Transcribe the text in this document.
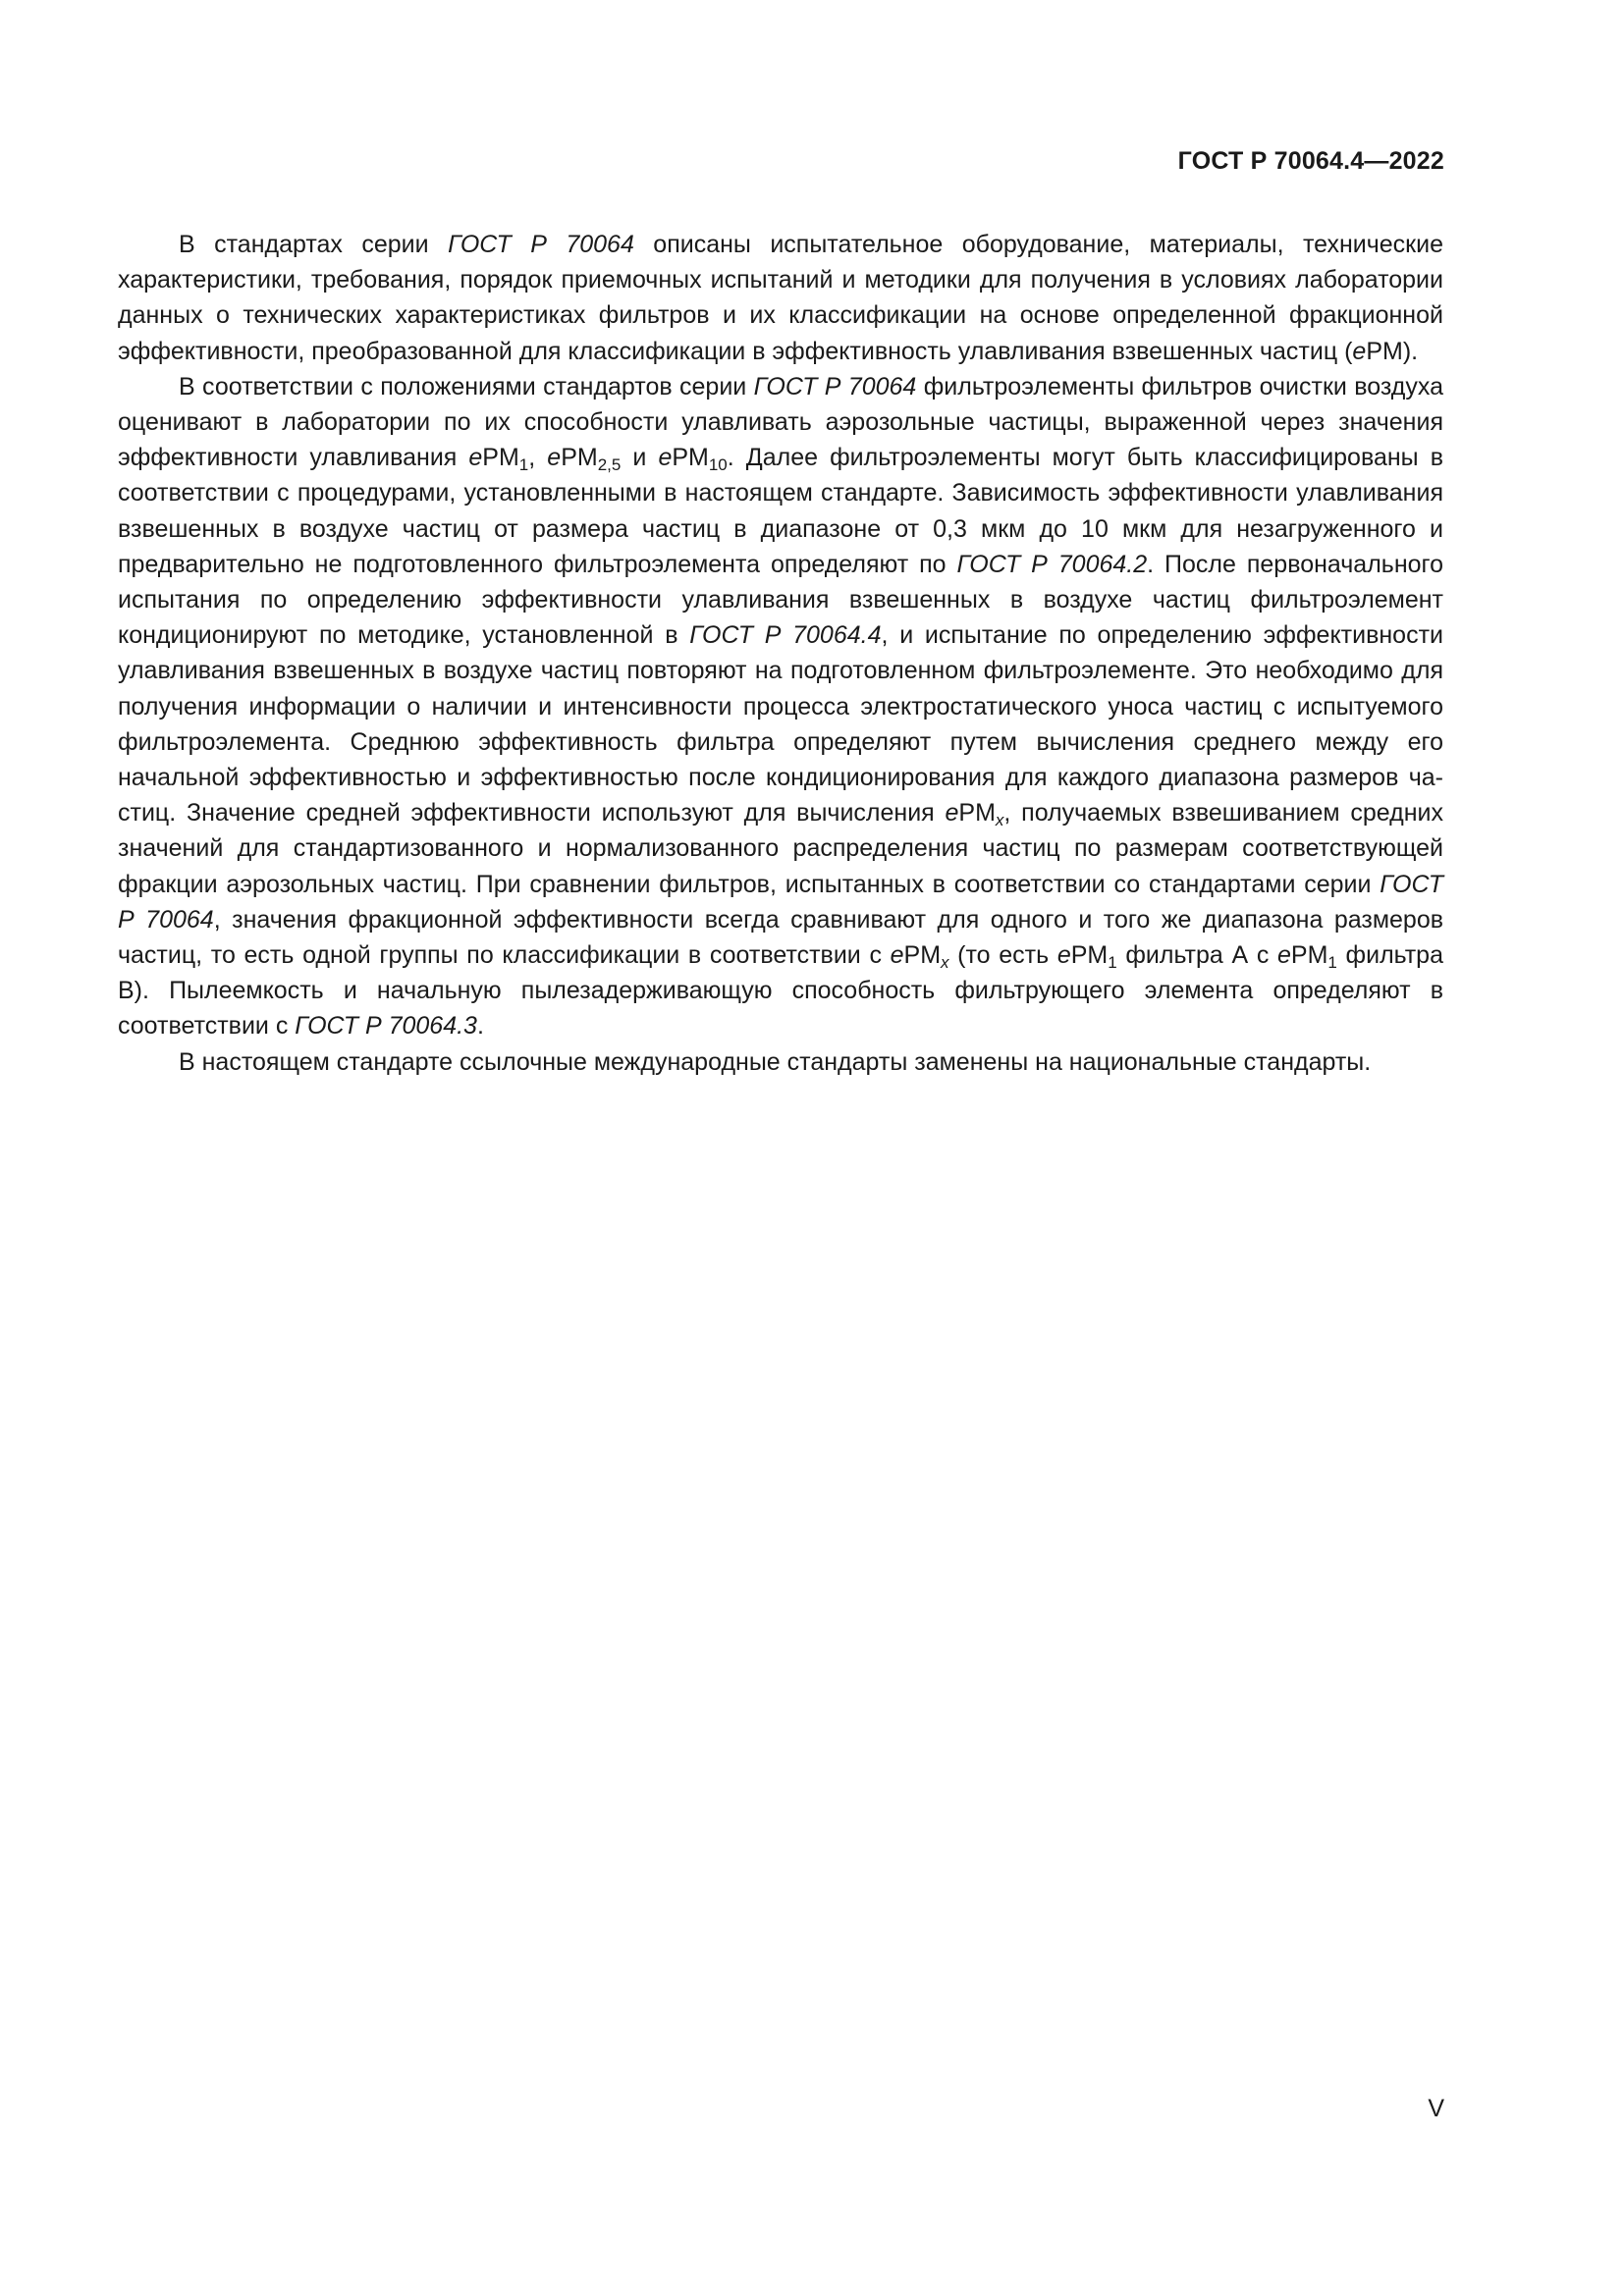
ГОСТ Р 70064.4—2022

В стандартах серии ГОСТ Р 70064 описаны испытательное оборудование, материалы, технические характеристики, требования, порядок приемочных испытаний и методики для получения в условиях лаборатории данных о технических характеристиках фильтров и их классификации на основе определенной фракционной эффективности, преобразованной для классификации в эффективность улавливания взвешенных частиц (ePM).

В соответствии с положениями стандартов серии ГОСТ Р 70064 фильтроэлементы фильтров очистки воздуха оценивают в лаборатории по их способности улавливать аэрозольные частицы, выраженной через значения эффективности улавливания ePM$_1$, ePM$_{2,5}$ и ePM$_{10}$. Далее фильтроэлементы могут быть классифицированы в соответствии с процедурами, установленными в настоящем стандарте. Зависимость эффективности улавливания взвешенных в воздухе частиц от размера частиц в диапазоне от 0,3 мкм до 10 мкм для незагруженного и предварительно не подготовленного фильтроэлемента определяют по ГОСТ Р 70064.2. После первоначального испытания по определению эффективности улавливания взвешенных в воздухе частиц фильтроэлемент кондиционируют по методике, установленной в ГОСТ Р 70064.4, и испытание по определению эффективности улавливания взвешенных в воздухе частиц повторяют на подготовленном фильтроэлементе. Это необходимо для получения информации о наличии и интенсивности процесса электростатического уноса частиц с испытуемого фильтроэлемента. Среднюю эффективность фильтра определяют путем вычисления среднего между его начальной эффективностью и эффективностью после кондиционирования для каждого диапазона размеров частиц. Значение средней эффективности используют для вычисления ePM$_x$, получаемых взвешиванием средних значений для стандартизованного и нормализованного распределения частиц по размерам соответствующей фракции аэрозольных частиц. При сравнении фильтров, испытанных в соответствии со стандартами серии ГОСТ Р 70064, значения фракционной эффективности всегда сравнивают для одного и того же диапазона размеров частиц, то есть одной группы по классификации в соответствии с ePM$_x$ (то есть ePM$_1$ фильтра А с ePM$_1$ фильтра В). Пылеемкость и начальную пылезадерживающую способность фильтрующего элемента определяют в соответствии с ГОСТ Р 70064.3.

В настоящем стандарте ссылочные международные стандарты заменены на национальные стандарты.

V
